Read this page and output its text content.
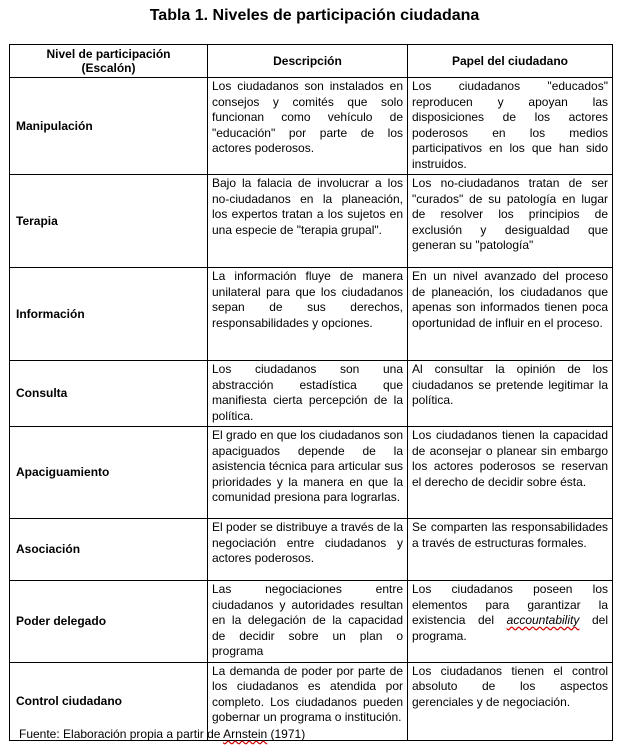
Tabla 1. Niveles de participación ciudadana
Nivel de participación
(Escalón)	Descripción	Papel del ciudadano
Manipulación	Los ciudadanos son instalados en consejos y comités que solo funcionan como vehículo de "educación" por parte de los actores poderosos.	Los ciudadanos "educados" reproducen y apoyan las disposiciones de los actores poderosos en los medios participativos en los que han sido instruidos.
Terapia	Bajo la falacia de involucrar a los no-ciudadanos en la planeación, los expertos tratan a los sujetos en una especie de "terapia grupal".	Los no-ciudadanos tratan de ser "curados" de su patología en lugar de resolver los principios de exclusión y desigualdad que generan su "patología"
Información	La información fluye de manera unilateral para que los ciudadanos sepan de sus derechos, responsabilidades y opciones.	En un nivel avanzado del proceso de planeación, los ciudadanos que apenas son informados tienen poca oportunidad de influir en el proceso.
Consulta	Los ciudadanos son una abstracción estadística que manifiesta cierta percepción de la política.	Al consultar la opinión de los ciudadanos se pretende legitimar la política.
Apaciguamiento	El grado en que los ciudadanos son apaciguados depende de la asistencia técnica para articular sus prioridades y la manera en que la comunidad presiona para lograrlas.	Los ciudadanos tienen la capacidad de aconsejar o planear sin embargo los actores poderosos se reservan el derecho de decidir sobre ésta.
Asociación	El poder se distribuye a través de la negociación entre ciudadanos y actores poderosos.	Se comparten las responsabilidades a través de estructuras formales.
Poder delegado	Las negociaciones entre ciudadanos y autoridades resultan en la delegación de la capacidad de decidir sobre un plan o programa	Los ciudadanos poseen los elementos para garantizar la existencia del accountability del programa.
Control ciudadano	La demanda de poder por parte de los ciudadanos es atendida por completo. Los ciudadanos pueden gobernar un programa o institución.	Los ciudadanos tienen el control absoluto de los aspectos gerenciales y de negociación.
Fuente: Elaboración propia a partir de Arnstein (1971)
